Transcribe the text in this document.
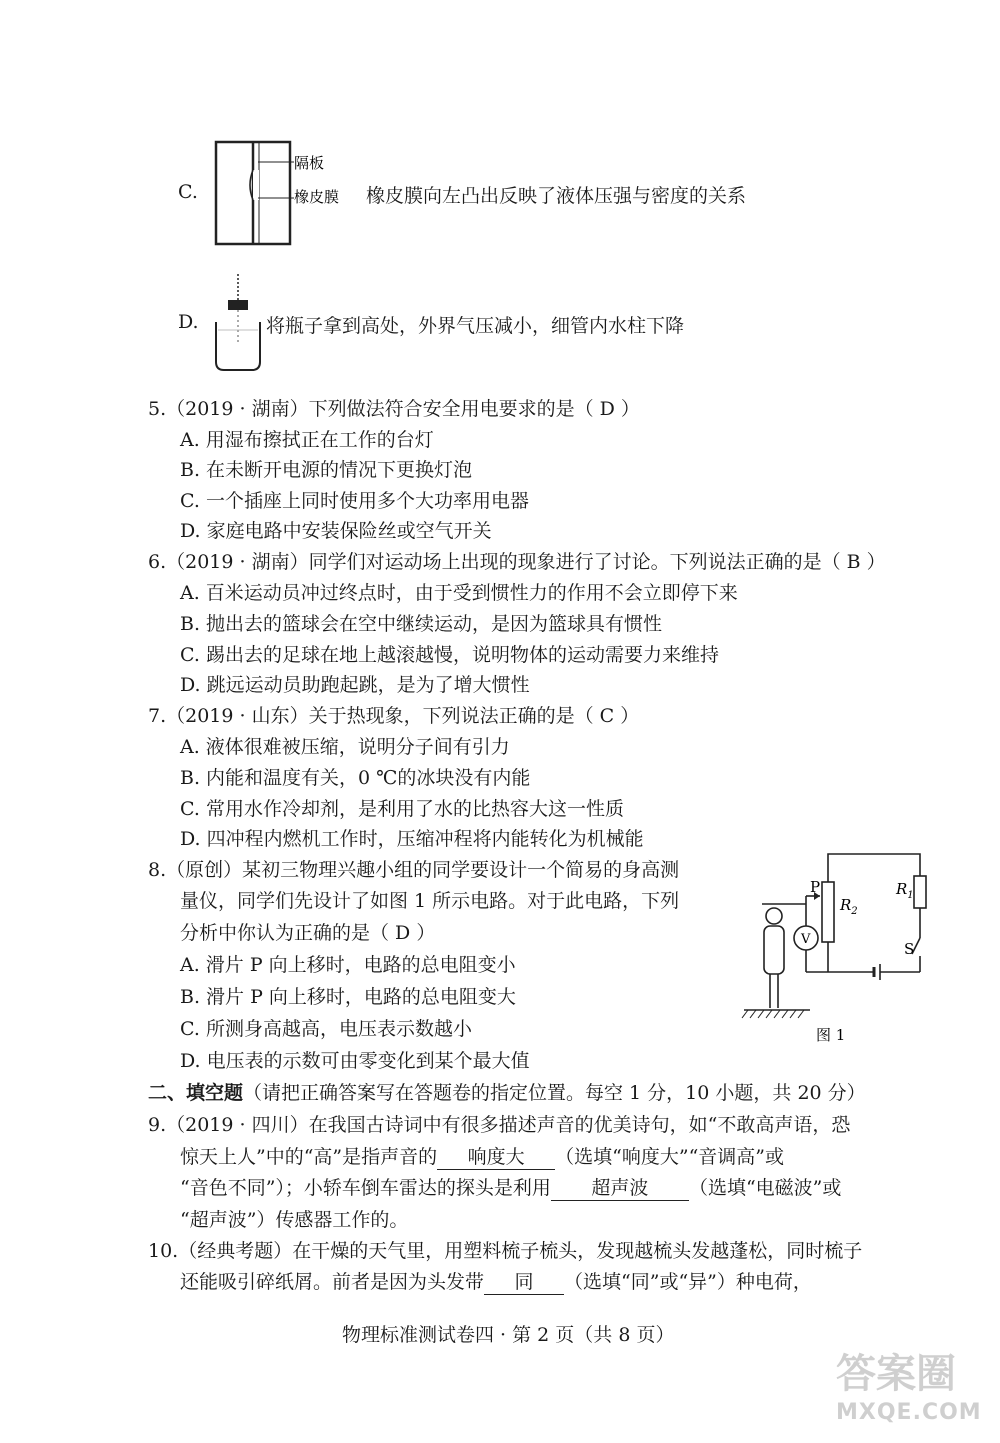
C.
隔板
橡皮膜 橡皮膜向左凸出反映了液体压强与密度的关系
D.	将瓶子拿到高处，外界气压减小，细管内水柱下降
5.（2019 · 湖南）下列做法符合安全用电要求的是（ D ）
A. 用湿布擦拭正在工作的台灯
B. 在未断开电源的情况下更换灯泡
C. 一个插座上同时使用多个大功率用电器
D. 家庭电路中安装保险丝或空气开关
6.（2019 · 湖南）同学们对运动场上出现的现象进行了讨论。下列说法正确的是（ B ）
A. 百米运动员冲过终点时，由于受到惯性力的作用不会立即停下来
B. 抛出去的篮球会在空中继续运动，是因为篮球具有惯性
C. 踢出去的足球在地上越滚越慢，说明物体的运动需要力来维持
D. 跳远运动员助跑起跳，是为了增大惯性
7.（2019 · 山东）关于热现象，下列说法正确的是（ C ）
A. 液体很难被压缩，说明分子间有引力
B. 内能和温度有关，0 ℃的冰块没有内能
C. 常用水作冷却剂，是利用了水的比热容大这一性质
D. 四冲程内燃机工作时，压缩冲程将内能转化为机械能
8.（原创）某初三物理兴趣小组的同学要设计一个简易的身高测
量仪，同学们先设计了如图 1 所示电路。对于此电路，下列
分析中你认为正确的是（ D ）
A. 滑片 P 向上移时，电路的总电阻变小
B. 滑片 P 向上移时，电路的总电阻变大
C. 所测身高越高，电压表示数越小
D. 电压表的示数可由零变化到某个最大值
V
P
$R_2$
$R_1$
S
图 1
二、填空题（请把正确答案写在答题卷的指定位置。每空 1 分，10 小题，共 20 分）
9.（2019 · 四川）在我国古诗词中有很多描述声音的优美诗句，如“不敢高声语，恐
惊天上人”中的“高”是指声音的 响度大 （选填“响度大”“音调高”或
“音色不同”）；小轿车倒车雷达的探头是利用 超声波 （选填“电磁波”或
“超声波”）传感器工作的。
10.（经典考题）在干燥的天气里，用塑料梳子梳头，发现越梳头发越蓬松，同时梳子
还能吸引碎纸屑。前者是因为头发带 同 （选填“同”或“异”）种电荷，
物理标准测试卷四 · 第 2 页（共 8 页）
答案圈
MXQE.COM
